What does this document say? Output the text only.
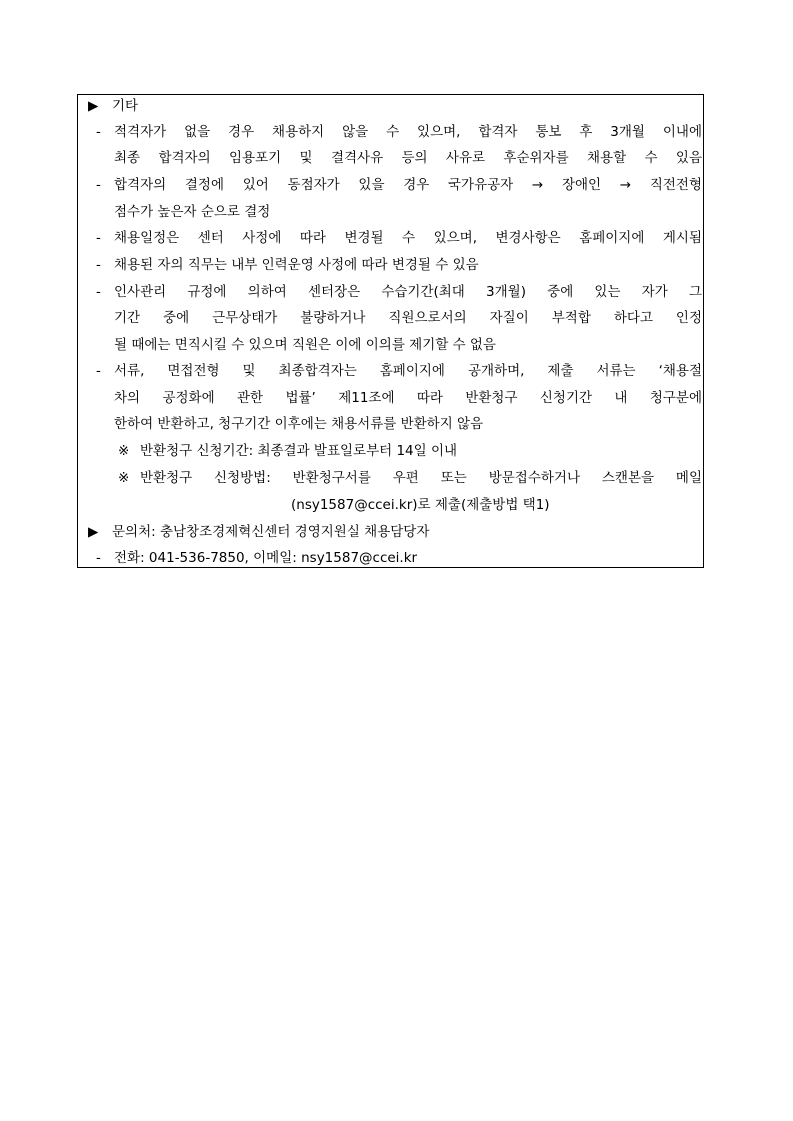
▶ 기타
- 적격자가 없을 경우 채용하지 않을 수 있으며, 합격자 통보 후 3개월 이내에
최종 합격자의 임용포기 및 결격사유 등의 사유로 후순위자를 채용할 수 있음
- 합격자의 결정에 있어 동점자가 있을 경우 국가유공자 → 장애인 → 직전전형
점수가 높은자 순으로 결정
- 채용일정은 센터 사정에 따라 변경될 수 있으며, 변경사항은 홈페이지에 게시됨
- 채용된 자의 직무는 내부 인력운영 사정에 따라 변경될 수 있음
- 인사관리 규정에 의하여 센터장은 수습기간(최대 3개월) 중에 있는 자가 그
기간 중에 근무상태가 불량하거나 직원으로서의 자질이 부적합 하다고 인정
될 때에는 면직시킬 수 있으며 직원은 이에 이의를 제기할 수 없음
- 서류, 면접전형 및 최종합격자는 홈페이지에 공개하며, 제출 서류는 ‘채용절
차의 공정화에 관한 법률’ 제11조에 따라 반환청구 신청기간 내 청구분에
한하여 반환하고, 청구기간 이후에는 채용서류를 반환하지 않음
※ 반환청구 신청기간: 최종결과 발표일로부터 14일 이내
※ 반환청구 신청방법: 반환청구서를 우편 또는 방문접수하거나 스캔본을 메일
(nsy1587@ccei.kr)로 제출(제출방법 택1)
▶ 문의처: 충남창조경제혁신센터 경영지원실 채용담당자
- 전화: 041-536-7850, 이메일: nsy1587@ccei.kr
